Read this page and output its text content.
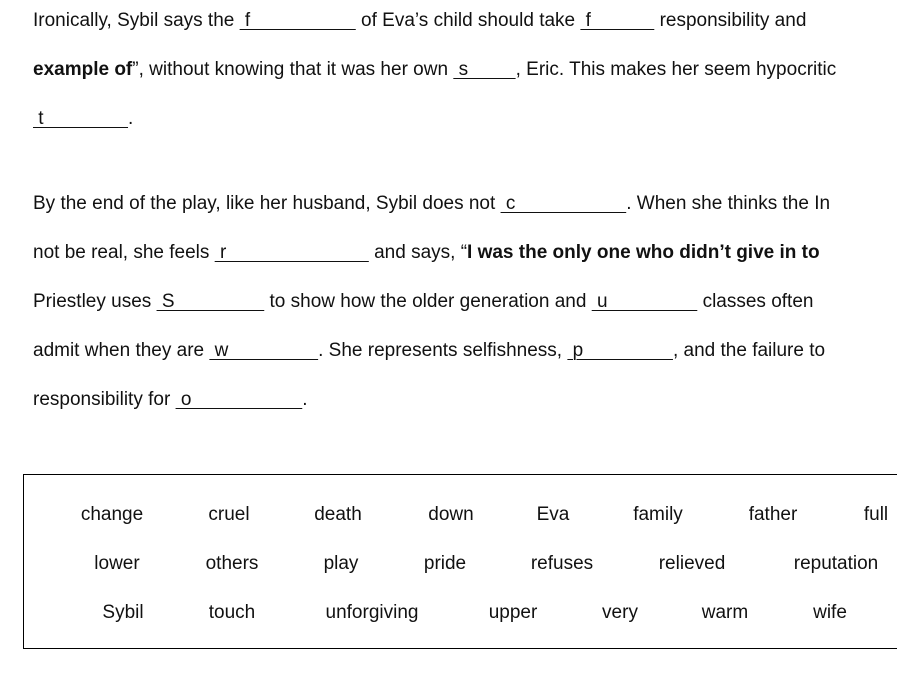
Ironically, Sybil says the  f                     of Eva’s child should take  f             responsibility and
example of”, without knowing that it was her own  s         , Eric. This makes her seem hypocritic
t                .
By the end of the play, like her husband, Sybil does not  c                     . When she thinks the In
not be real, she feels  r                            and says, “I was the only one who didn’t give in to
Priestley uses  S                  to show how the older generation and  u                  classes often
admit when they are  w                 . She represents selfishness,  p                 , and the failure to
responsibility for  o                     .
change	cruel	death	down	Eva	family	father	full
lower	others	play	pride	refuses	relieved	reputation
Sybil	touch	unforgiving	upper	very	warm	wife
